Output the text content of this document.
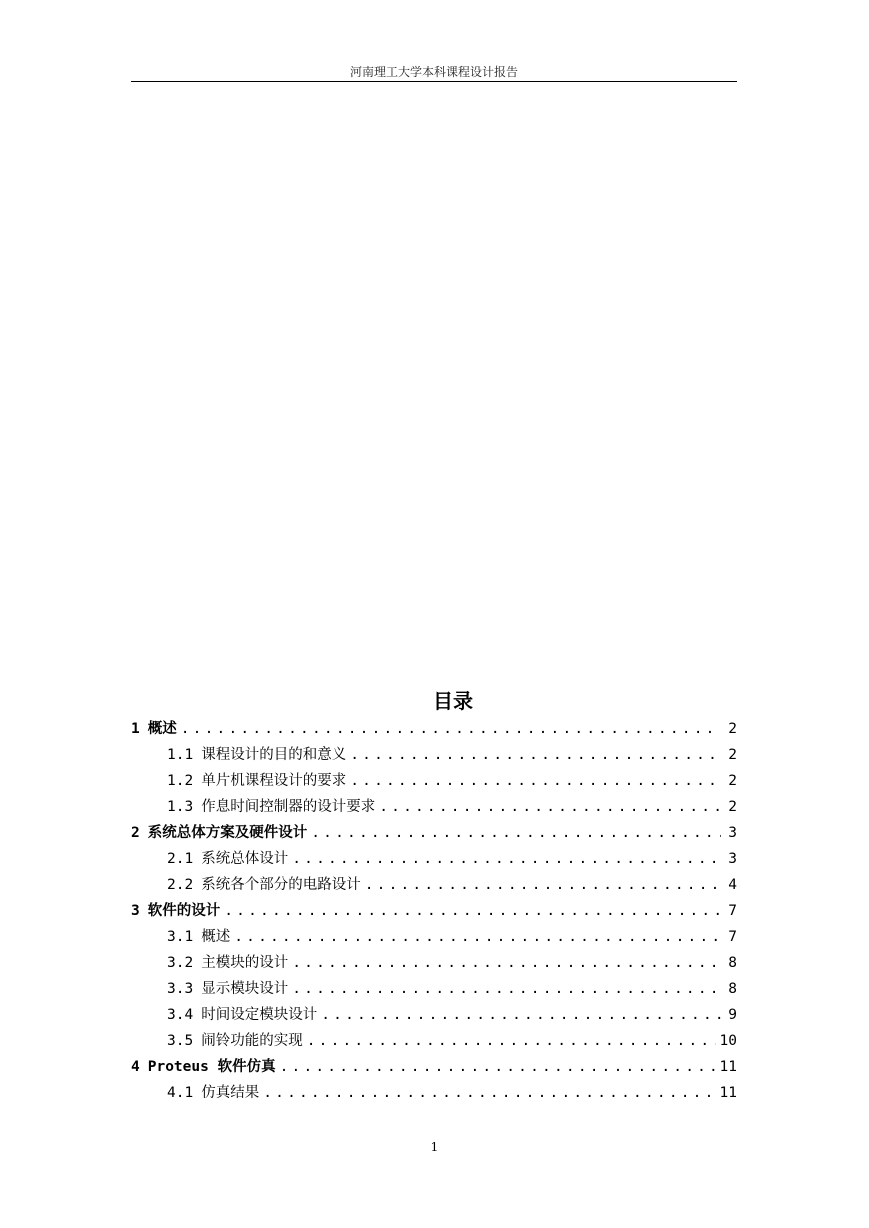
河南理工大学本科课程设计报告
目录
1 概述 .....	2
1.1 课程设计的目的和意义 .....	2
1.2 单片机课程设计的要求 .....	2
1.3 作息时间控制器的设计要求 .....	2
2 系统总体方案及硬件设计 .....	3
2.1 系统总体设计 .....	3
2.2 系统各个部分的电路设计 .....	4
3 软件的设计 .....	7
3.1 概述 .....	7
3.2 主模块的设计 .....	8
3.3 显示模块设计 .....	8
3.4 时间设定模块设计 .....	9
3.5 闹铃功能的实现 .....	10
4 Proteus 软件仿真 .....	11
4.1 仿真结果 .....	11
1
